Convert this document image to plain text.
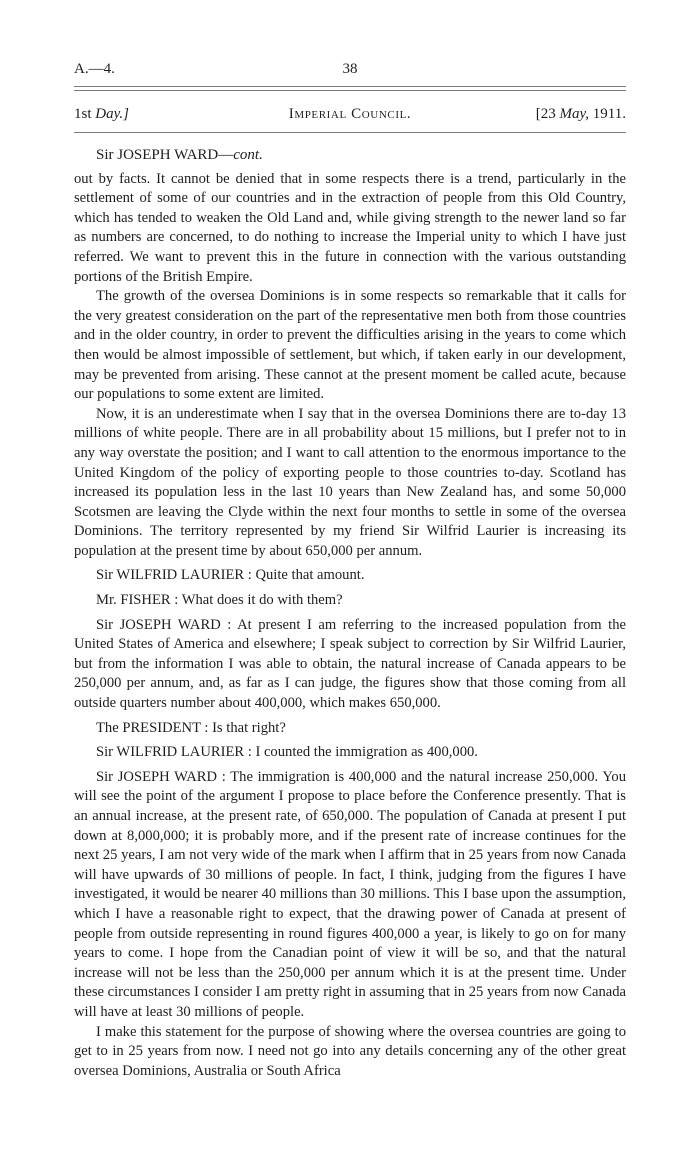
A.—4.	38
1st Day.]	Imperial Council.	[23 May, 1911.
Sir JOSEPH WARD—cont.

out by facts. It cannot be denied that in some respects there is a trend, particularly in the settlement of some of our countries and in the extraction of people from this Old Country, which has tended to weaken the Old Land and, while giving strength to the newer land so far as numbers are concerned, to do nothing to increase the Imperial unity to which I have just referred. We want to prevent this in the future in connection with the various outstanding portions of the British Empire.

The growth of the oversea Dominions is in some respects so remarkable that it calls for the very greatest consideration on the part of the representative men both from those countries and in the older country, in order to prevent the difficulties arising in the years to come which then would be almost impossible of settlement, but which, if taken early in our development, may be prevented from arising. These cannot at the present moment be called acute, because our populations to some extent are limited.

Now, it is an underestimate when I say that in the oversea Dominions there are to-day 13 millions of white people. There are in all probability about 15 millions, but I prefer not to in any way overstate the position; and I want to call attention to the enormous importance to the United Kingdom of the policy of exporting people to those countries to-day. Scotland has increased its population less in the last 10 years than New Zealand has, and some 50,000 Scotsmen are leaving the Clyde within the next four months to settle in some of the oversea Dominions. The territory represented by my friend Sir Wilfrid Laurier is increasing its population at the present time by about 650,000 per annum.

Sir WILFRID LAURIER : Quite that amount.

Mr. FISHER : What does it do with them?

Sir JOSEPH WARD : At present I am referring to the increased population from the United States of America and elsewhere; I speak subject to correction by Sir Wilfrid Laurier, but from the information I was able to obtain, the natural increase of Canada appears to be 250,000 per annum, and, as far as I can judge, the figures show that those coming from all outside quarters number about 400,000, which makes 650,000.

The PRESIDENT : Is that right?

Sir WILFRID LAURIER : I counted the immigration as 400,000.

Sir JOSEPH WARD : The immigration is 400,000 and the natural increase 250,000. You will see the point of the argument I propose to place before the Conference presently. That is an annual increase, at the present rate, of 650,000. The population of Canada at present I put down at 8,000,000; it is probably more, and if the present rate of increase continues for the next 25 years, I am not very wide of the mark when I affirm that in 25 years from now Canada will have upwards of 30 millions of people. In fact, I think, judging from the figures I have investigated, it would be nearer 40 millions than 30 millions. This I base upon the assumption, which I have a reasonable right to expect, that the drawing power of Canada at present of people from outside representing in round figures 400,000 a year, is likely to go on for many years to come. I hope from the Canadian point of view it will be so, and that the natural increase will not be less than the 250,000 per annum which it is at the present time. Under these circumstances I consider I am pretty right in assuming that in 25 years from now Canada will have at least 30 millions of people.

I make this statement for the purpose of showing where the oversea countries are going to get to in 25 years from now. I need not go into any details concerning any of the other great oversea Dominions, Australia or South Africa
